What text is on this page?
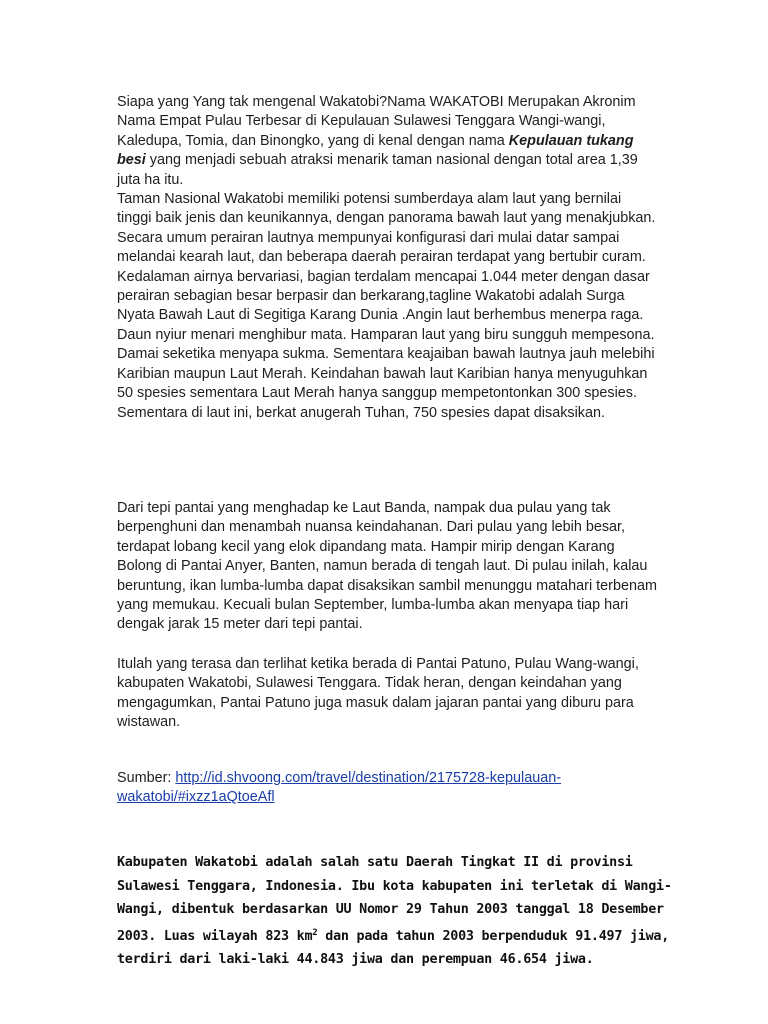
Siapa yang Yang tak mengenal Wakatobi?Nama WAKATOBI Merupakan Akronim Nama Empat Pulau Terbesar di Kepulauan Sulawesi Tenggara Wangi-wangi, Kaledupa, Tomia, dan Binongko, yang di kenal dengan nama Kepulauan tukang besi yang menjadi sebuah atraksi menarik taman nasional dengan total area 1,39 juta ha itu.
Taman Nasional Wakatobi memiliki potensi sumberdaya alam laut yang bernilai tinggi baik jenis dan keunikannya, dengan panorama bawah laut yang menakjubkan. Secara umum perairan lautnya mempunyai konfigurasi dari mulai datar sampai melandai kearah laut, dan beberapa daerah perairan terdapat yang bertubir curam. Kedalaman airnya bervariasi, bagian terdalam mencapai 1.044 meter dengan dasar perairan sebagian besar berpasir dan berkarang,tagline Wakatobi adalah Surga Nyata Bawah Laut di Segitiga Karang Dunia .Angin laut berhembus menerpa raga. Daun nyiur menari menghibur mata. Hamparan laut yang biru sungguh mempesona. Damai seketika menyapa sukma. Sementara keajaiban bawah lautnya jauh melebihi Karibian maupun Laut Merah. Keindahan bawah laut Karibian hanya menyuguhkan 50 spesies sementara Laut Merah hanya sanggup mempetontonkan 300 spesies. Sementara di laut ini, berkat anugerah Tuhan, 750 spesies dapat disaksikan.

Dari tepi pantai yang menghadap ke Laut Banda, nampak dua pulau yang tak berpenghuni dan menambah nuansa keindahanan. Dari pulau yang lebih besar, terdapat lobang kecil yang elok dipandang mata. Hampir mirip dengan Karang Bolong di Pantai Anyer, Banten, namun berada di tengah laut. Di pulau inilah, kalau beruntung, ikan lumba-lumba dapat disaksikan sambil menunggu matahari terbenam yang memukau. Kecuali bulan September, lumba-lumba akan menyapa tiap hari dengak jarak 15 meter dari tepi pantai.

Itulah yang terasa dan terlihat ketika berada di Pantai Patuno, Pulau Wang-wangi, kabupaten Wakatobi, Sulawesi Tenggara. Tidak heran, dengan keindahan yang mengagumkan, Pantai Patuno juga masuk dalam jajaran pantai yang diburu para wistawan.

Sumber: http://id.shvoong.com/travel/destination/2175728-kepulauan-wakatobi/#ixzz1aQtoeAfl

Kabupaten Wakatobi adalah salah satu Daerah Tingkat II di provinsi Sulawesi Tenggara, Indonesia. Ibu kota kabupaten ini terletak di Wangi-Wangi, dibentuk berdasarkan UU Nomor 29 Tahun 2003 tanggal 18 Desember 2003. Luas wilayah 823 $km^2$ dan pada tahun 2003 berpenduduk 91.497 jiwa, terdiri dari laki-laki 44.843 jiwa dan perempuan 46.654 jiwa.
